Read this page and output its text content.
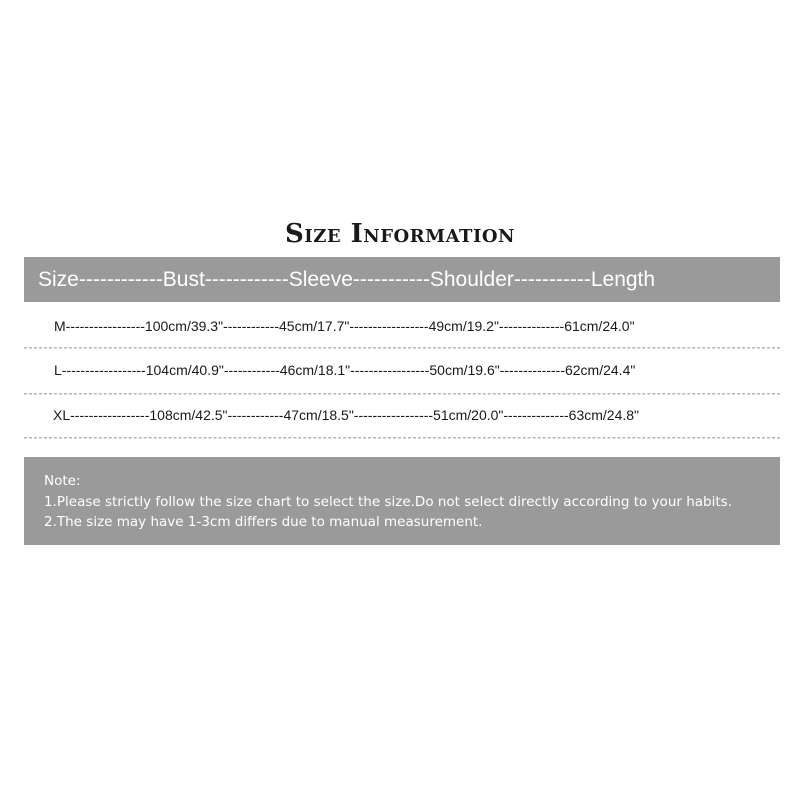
Size Information
Size------------Bust------------Sleeve-----------Shoulder-----------Length
M-----------------100cm/39.3"------------45cm/17.7"-----------------49cm/19.2"--------------61cm/24.0"
L------------------104cm/40.9"------------46cm/18.1"-----------------50cm/19.6"--------------62cm/24.4"
XL-----------------108cm/42.5"------------47cm/18.5"-----------------51cm/20.0"--------------63cm/24.8"
Note:
1.Please strictly follow the size chart to select the size.Do not select directly according to your habits.
2.The size may have 1-3cm differs due to manual measurement.
